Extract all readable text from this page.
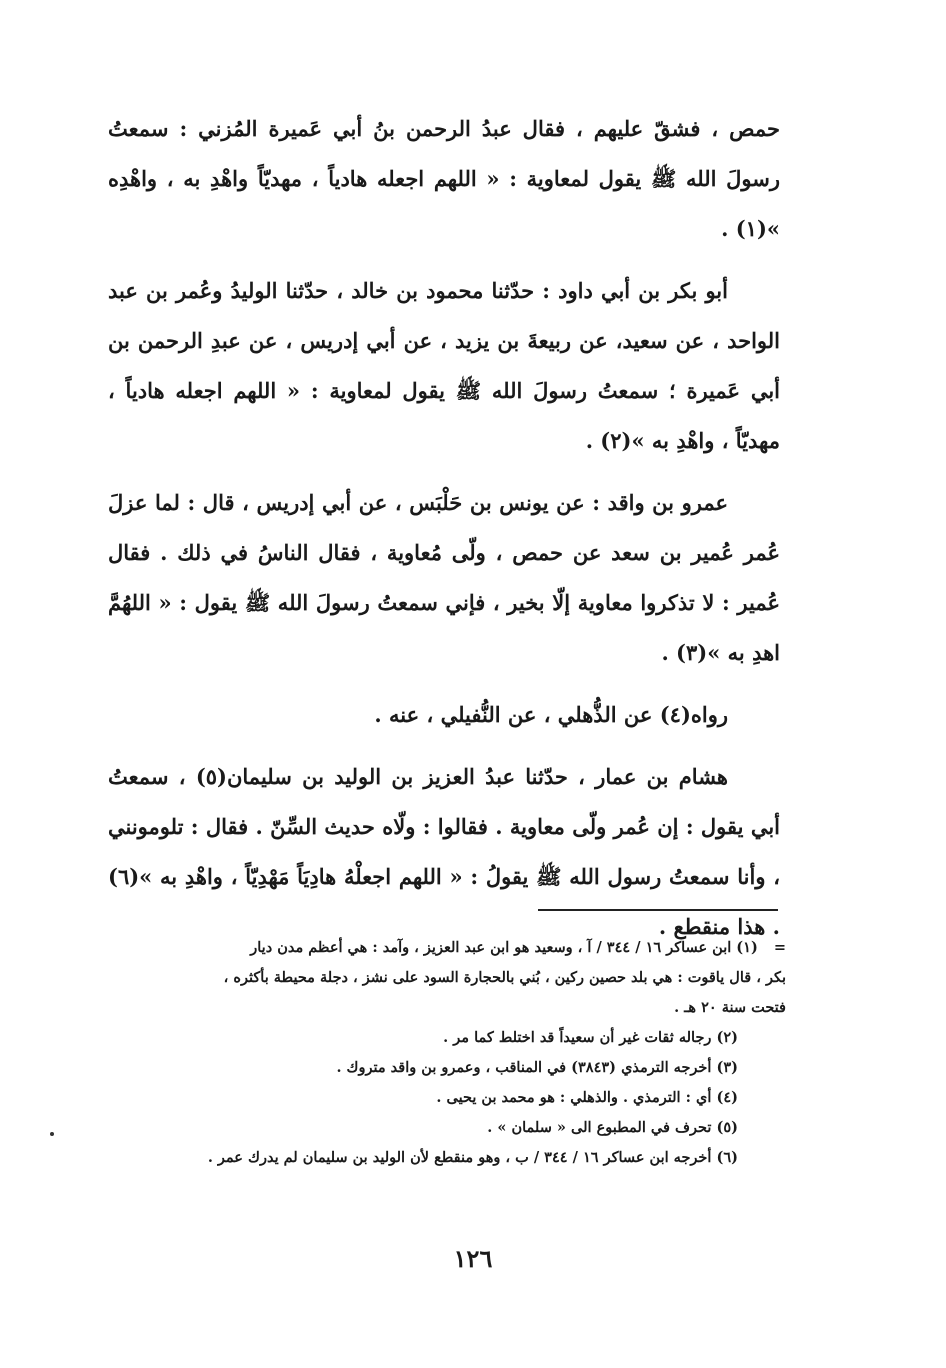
حمص ، فشقّ عليهم ، فقال عبدُ الرحمن بنُ أبي عَميرة المُزني : سمعتُ رسولَ الله ﷺ يقول لمعاوية : « اللهم اجعله هادياً ، مهديّاً واهْدِ به ، واهْدِه »(١) .

أبو بكر بن أبي داود : حدّثنا محمود بن خالد ، حدّثنا الوليدُ وعُمر بن عبد الواحد ، عن سعيد، عن ربيعةَ بن يزيد ، عن أبي إدريس ، عن عبدِ الرحمن بن أبي عَميرة ؛ سمعتُ رسولَ الله ﷺ يقول لمعاوية : « اللهم اجعله هادياً ، مهديّاً ، واهْدِ به »(٢) .

عمرو بن واقد : عن يونس بن حَلْبَس ، عن أبي إدريس ، قال : لما عزلَ عُمر عُمير بن سعد عن حمص ، ولّى مُعاوية ، فقال الناسُ في ذلك . فقال عُمير : لا تذكروا معاوية إلّا بخير ، فإني سمعتُ رسولَ الله ﷺ يقول : « اللهُمَّ اهدِ به »(٣) .

رواه(٤) عن الذُّهلي ، عن النُّفيلي ، عنه .

هشام بن عمار ، حدّثنا عبدُ العزيز بن الوليد بن سليمان(٥) ، سمعتُ أبي يقول : إن عُمر ولّى معاوية . فقالوا : ولّاه حديث السِّنّ . فقال : تلومونني ، وأنا سمعتُ رسول الله ﷺ يقولُ : « اللهم اجعلْهُ هادِيَاً مَهْدِيّاً ، واهْدِ به »(٦) . هذا منقطع .

=(١) ابن عساكر ١٦ / ٣٤٤ / آ ، وسعيد هو ابن عبد العزيز ، وآمد : هي أعظم مدن ديار

بكر ، قال ياقوت : هي بلد حصين ركين ، بُني بالحجارة السود على نشز ، دجلة محيطة بأكثره ،

فتحت سنة ٢٠ هـ .

(٢) رجاله ثقات غير أن سعيداً قد اختلط كما مر .

(٣) أخرجه الترمذي (٣٨٤٣) في المناقب ، وعمرو بن واقد متروك .

(٤) أي : الترمذي . والذهلي : هو محمد بن يحيى .

(٥) تحرف في المطبوع الى « سلمان » .

(٦) أخرجه ابن عساكر ١٦ / ٣٤٤ / ب ، وهو منقطع لأن الوليد بن سليمان لم يدرك عمر .

١٢٦
